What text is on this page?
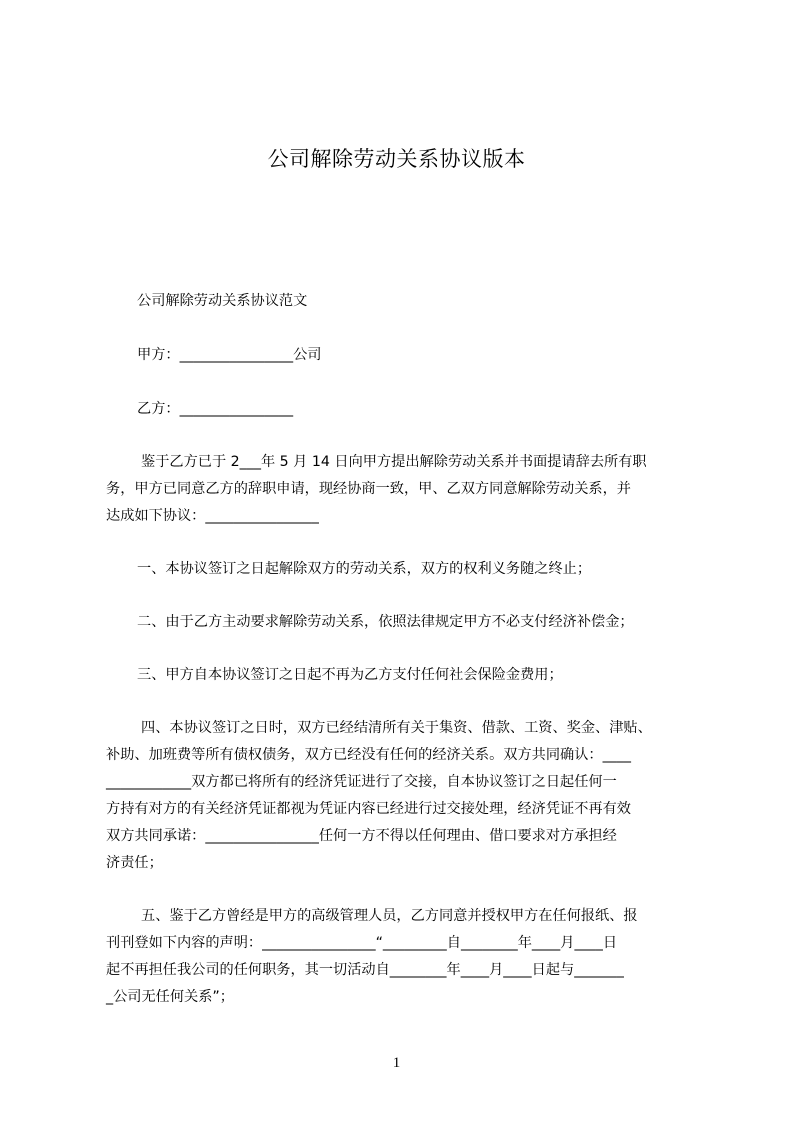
公司解除劳动关系协议版本
公司解除劳动关系协议范文
甲方：________________公司
乙方：________________
鉴于乙方已于 2___年 5 月 14 日向甲方提出解除劳动关系并书面提请辞去所有职
务，甲方已同意乙方的辞职申请，现经协商一致，甲、乙双方同意解除劳动关系，并
达成如下协议：________________
一、本协议签订之日起解除双方的劳动关系，双方的权利义务随之终止；
二、由于乙方主动要求解除劳动关系，依照法律规定甲方不必支付经济补偿金；
三、甲方自本协议签订之日起不再为乙方支付任何社会保险金费用；
四、本协议签订之日时，双方已经结清所有关于集资、借款、工资、奖金、津贴、
补助、加班费等所有债权债务，双方已经没有任何的经济关系。双方共同确认：____
____________双方都已将所有的经济凭证进行了交接，自本协议签订之日起任何一
方持有对方的有关经济凭证都视为凭证内容已经进行过交接处理，经济凭证不再有效
双方共同承诺：________________任何一方不得以任何理由、借口要求对方承担经
济责任；
五、鉴于乙方曾经是甲方的高级管理人员，乙方同意并授权甲方在任何报纸、报
刊刊登如下内容的声明：________________“_________自________年____月____日
起不再担任我公司的任何职务，其一切活动自________年____月____日起与_______
_公司无任何关系”；
1
